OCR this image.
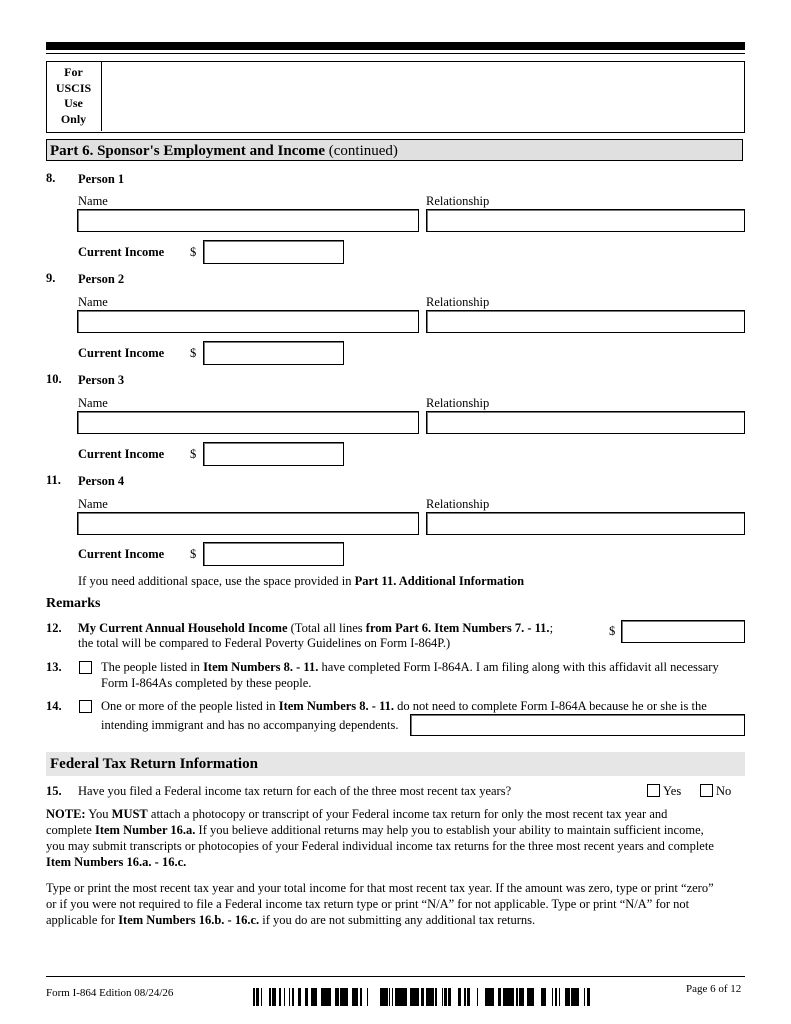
For
USCIS
Use
Only
Part 6. Sponsor's Employment and Income (continued)
8. Person 1
Name	Relationship
Current Income $
9. Person 2
Name	Relationship
Current Income $
10. Person 3
Name	Relationship
Current Income $
11. Person 4
Name	Relationship
Current Income $
If you need additional space, use the space provided in Part 11. Additional Information
Remarks
12. My Current Annual Household Income (Total all lines from Part 6. Item Numbers 7. - 11.;
the total will be compared to Federal Poverty Guidelines on Form I-864P.)
$
13.	The people listed in Item Numbers 8. - 11. have completed Form I-864A. I am filing along with this affidavit all necessary
Form I-864As completed by these people.
14.	One or more of the people listed in Item Numbers 8. - 11. do not need to complete Form I-864A because he or she is the
intending immigrant and has no accompanying dependents.
Federal Tax Return Information
15. Have you filed a Federal income tax return for each of the three most recent tax years?	Yes	No
NOTE: You MUST attach a photocopy or transcript of your Federal income tax return for only the most recent tax year and
complete Item Number 16.a. If you believe additional returns may help you to establish your ability to maintain sufficient income,
you may submit transcripts or photocopies of your Federal individual income tax returns for the three most recent years and complete
Item Numbers 16.a. - 16.c.
Type or print the most recent tax year and your total income for that most recent tax year. If the amount was zero, type or print “zero”
or if you were not required to file a Federal income tax return type or print “N/A” for not applicable. Type or print “N/A” for not
applicable for Item Numbers 16.b. - 16.c. if you do are not submitting any additional tax returns.
Form I-864 Edition 08/24/26	Page 6 of 12
